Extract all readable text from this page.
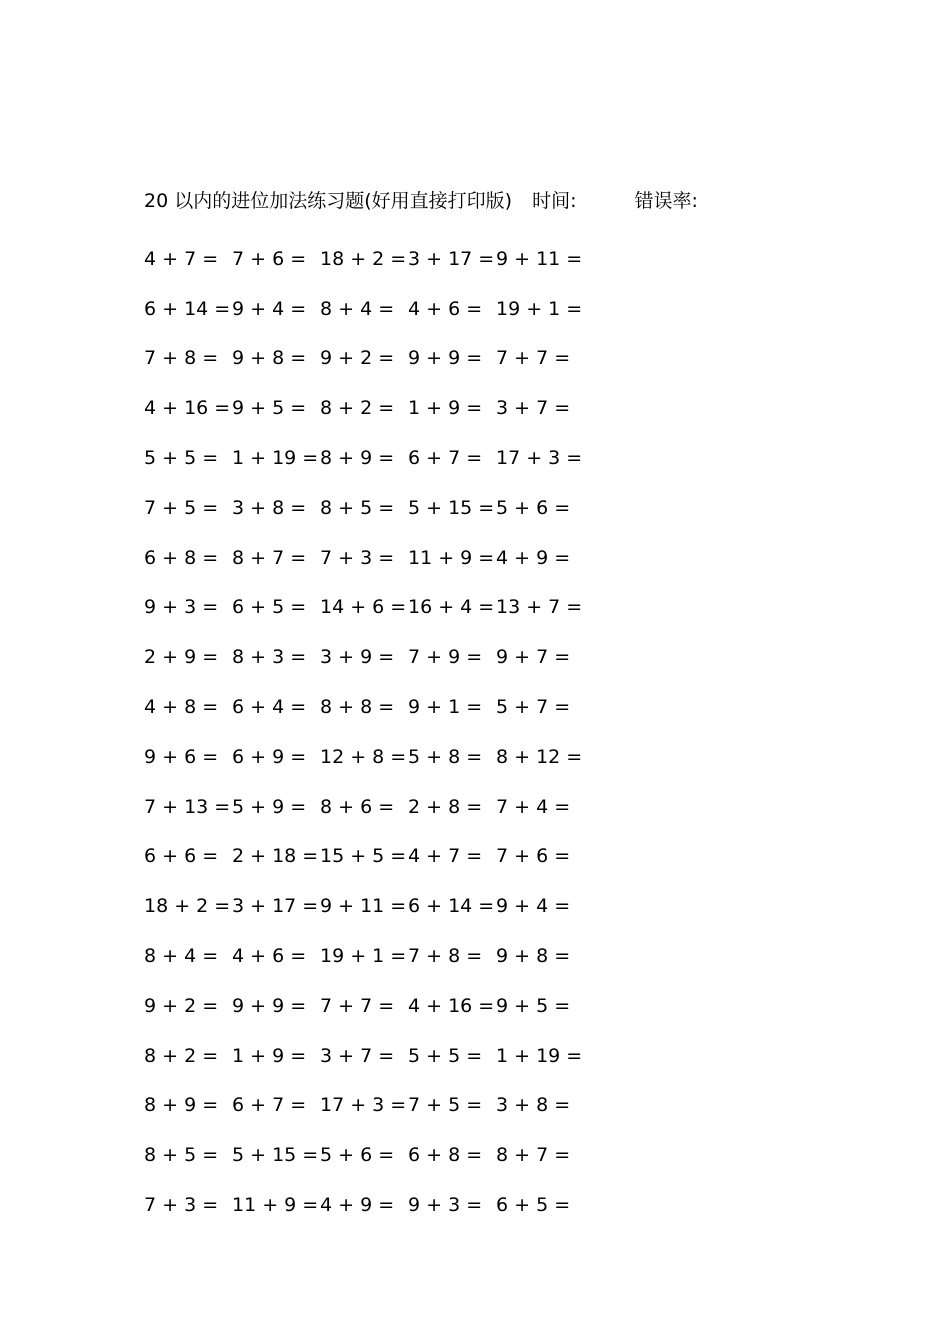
20 以内的进位加法练习题(好用直接打印版) 时间:	错误率:
4 + 7 = 7 + 6 = 18 + 2 = 3 + 17 = 9 + 11 =
6 + 14 = 9 + 4 = 8 + 4 = 4 + 6 = 19 + 1 =
7 + 8 = 9 + 8 = 9 + 2 = 9 + 9 = 7 + 7 =
4 + 16 = 9 + 5 = 8 + 2 = 1 + 9 = 3 + 7 =
5 + 5 = 1 + 19 = 8 + 9 = 6 + 7 = 17 + 3 =
7 + 5 = 3 + 8 = 8 + 5 = 5 + 15 = 5 + 6 =
6 + 8 = 8 + 7 = 7 + 3 = 11 + 9 = 4 + 9 =
9 + 3 = 6 + 5 = 14 + 6 = 16 + 4 = 13 + 7 =
2 + 9 = 8 + 3 = 3 + 9 = 7 + 9 = 9 + 7 =
4 + 8 = 6 + 4 = 8 + 8 = 9 + 1 = 5 + 7 =
9 + 6 = 6 + 9 = 12 + 8 = 5 + 8 = 8 + 12 =
7 + 13 = 5 + 9 = 8 + 6 = 2 + 8 = 7 + 4 =
6 + 6 = 2 + 18 = 15 + 5 = 4 + 7 = 7 + 6 =
18 + 2 = 3 + 17 = 9 + 11 = 6 + 14 = 9 + 4 =
8 + 4 = 4 + 6 = 19 + 1 = 7 + 8 = 9 + 8 =
9 + 2 = 9 + 9 = 7 + 7 = 4 + 16 = 9 + 5 =
8 + 2 = 1 + 9 = 3 + 7 = 5 + 5 = 1 + 19 =
8 + 9 = 6 + 7 = 17 + 3 = 7 + 5 = 3 + 8 =
8 + 5 = 5 + 15 = 5 + 6 = 6 + 8 = 8 + 7 =
7 + 3 = 11 + 9 = 4 + 9 = 9 + 3 = 6 + 5 =
